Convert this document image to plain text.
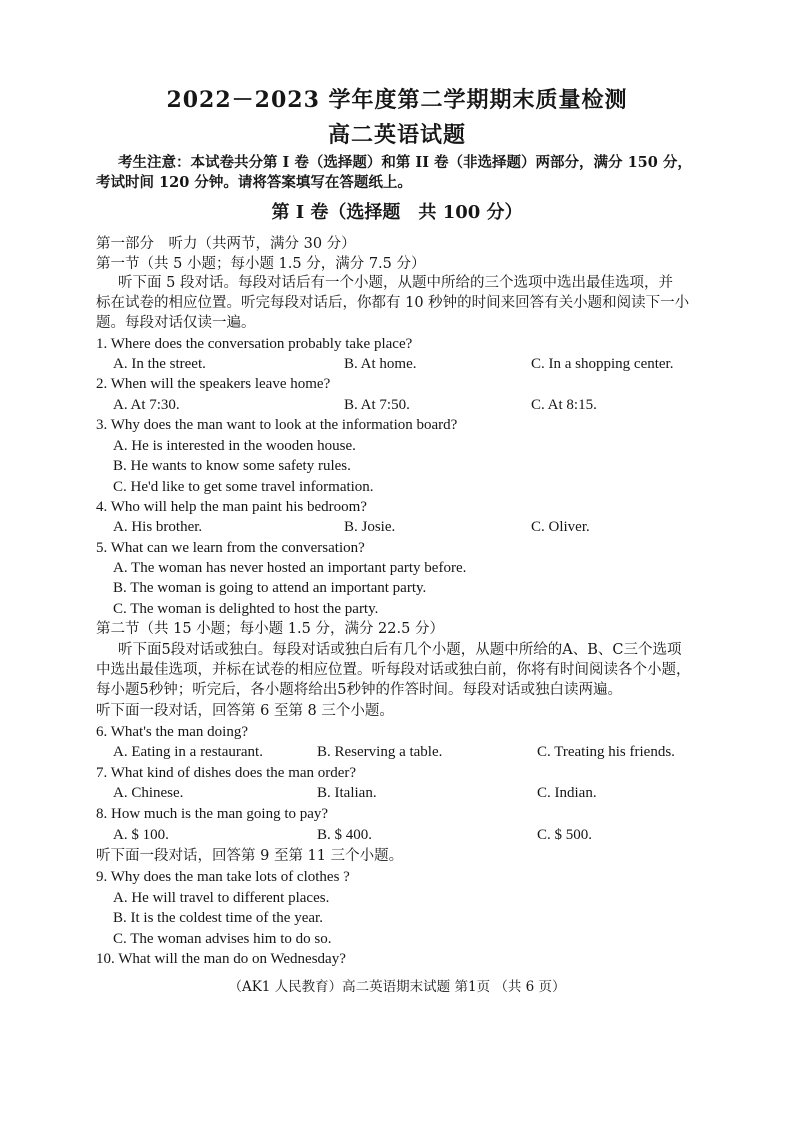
2022－2023 学年度第二学期期末质量检测
高二英语试题
考生注意：本试卷共分第 I 卷（选择题）和第 II 卷（非选择题）两部分，满分 150 分，
考试时间 120 分钟。请将答案填写在答题纸上。
第 I 卷（选择题　共 100 分）
第一部分　听力（共两节，满分 30 分）
第一节（共 5 小题；每小题 1.5 分，满分 7.5 分）
听下面 5 段对话。每段对话后有一个小题，从题中所给的三个选项中选出最佳选项，并
标在试卷的相应位置。听完每段对话后，你都有 10 秒钟的时间来回答有关小题和阅读下一小
题。每段对话仅读一遍。
1. Where does the conversation probably take place?
A. In the street.	B. At home.	C. In a shopping center.
2. When will the speakers leave home?
A. At 7:30.	B. At 7:50.	C. At 8:15.
3. Why does the man want to look at the information board?
A. He is interested in the wooden house.
B. He wants to know some safety rules.
C. He'd like to get some travel information.
4. Who will help the man paint his bedroom?
A. His brother.	B. Josie.	C. Oliver.
5. What can we learn from the conversation?
A. The woman has never hosted an important party before.
B. The woman is going to attend an important party.
C. The woman is delighted to host the party.
第二节（共 15 小题；每小题 1.5 分，满分 22.5 分）
听下面5段对话或独白。每段对话或独白后有几个小题，从题中所给的A、B、C三个选项
中选出最佳选项，并标在试卷的相应位置。听每段对话或独白前，你将有时间阅读各个小题，
每小题5秒钟；听完后，各小题将给出5秒钟的作答时间。每段对话或独白读两遍。
听下面一段对话，回答第 6 至第 8 三个小题。
6. What's the man doing?
A. Eating in a restaurant.	B. Reserving a table.	C. Treating his friends.
7. What kind of dishes does the man order?
A. Chinese.	B. Italian.	C. Indian.
8. How much is the man going to pay?
A. $ 100.	B. $ 400.	C. $ 500.
听下面一段对话，回答第 9 至第 11 三个小题。
9. Why does the man take lots of clothes ?
A. He will travel to different places.
B. It is the coldest time of the year.
C. The woman advises him to do so.
10. What will the man do on Wednesday?
（AK1 人民教育）高二英语期末试题 第1页 （共 6 页）
